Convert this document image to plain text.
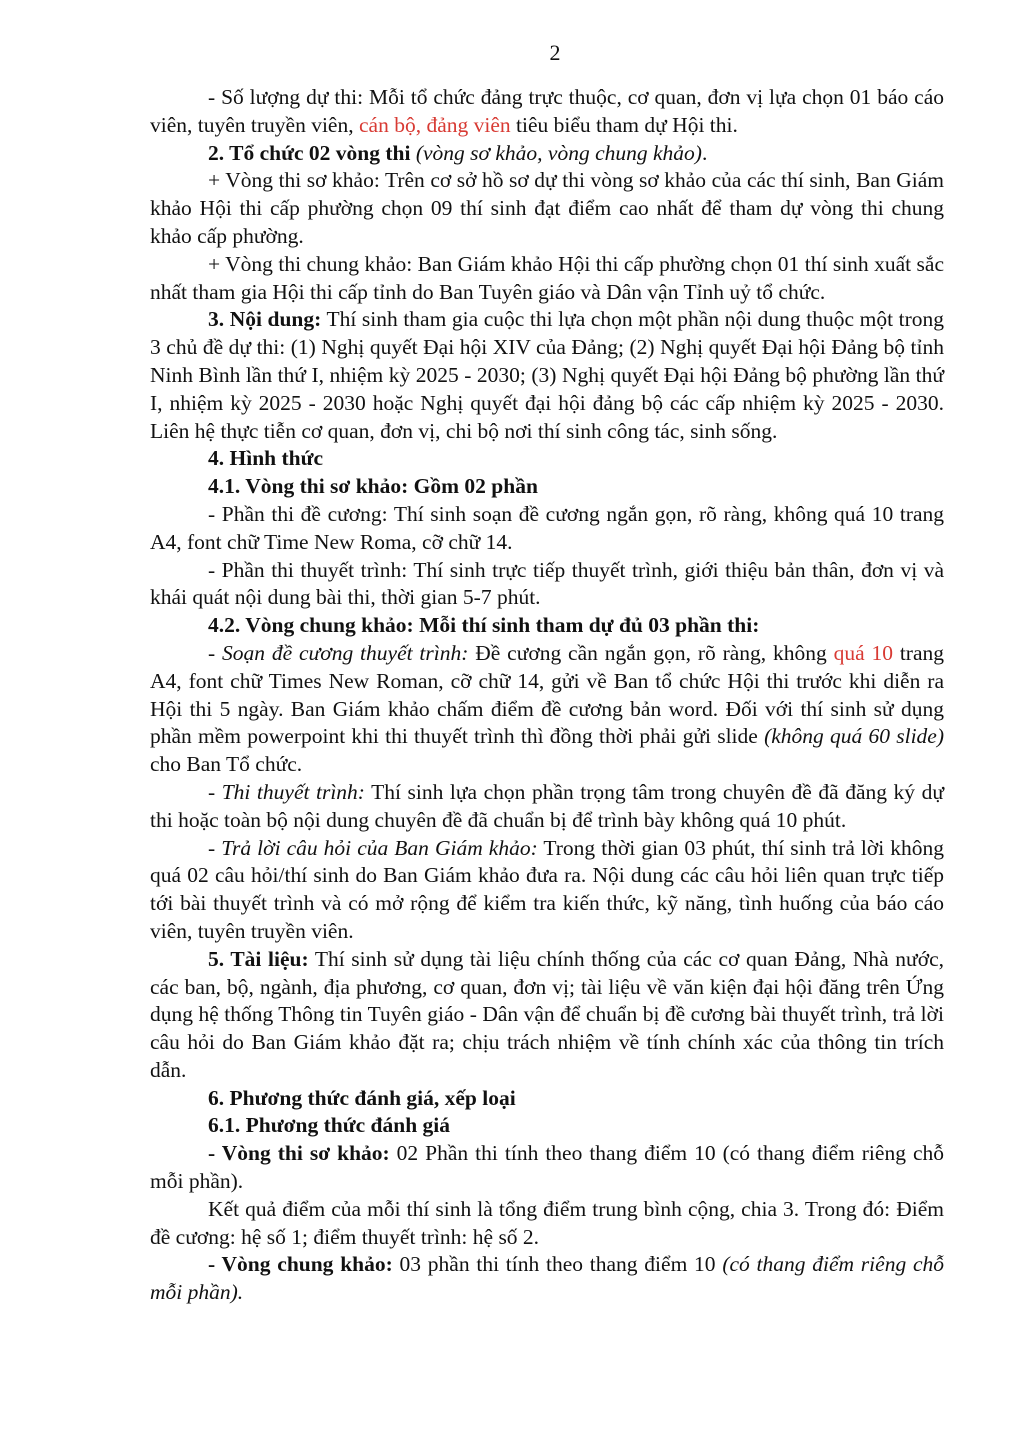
2

- Số lượng dự thi: Mỗi tổ chức đảng trực thuộc, cơ quan, đơn vị lựa chọn 01 báo cáo viên, tuyên truyền viên, cán bộ, đảng viên tiêu biểu tham dự Hội thi.

2. Tổ chức 02 vòng thi (vòng sơ khảo, vòng chung khảo).

+ Vòng thi sơ khảo: Trên cơ sở hồ sơ dự thi vòng sơ khảo của các thí sinh, Ban Giám khảo Hội thi cấp phường chọn 09 thí sinh đạt điểm cao nhất để tham dự vòng thi chung khảo cấp phường.

+ Vòng thi chung khảo: Ban Giám khảo Hội thi cấp phường chọn 01 thí sinh xuất sắc nhất tham gia Hội thi cấp tỉnh do Ban Tuyên giáo và Dân vận Tỉnh uỷ tổ chức.

3. Nội dung: Thí sinh tham gia cuộc thi lựa chọn một phần nội dung thuộc một trong 3 chủ đề dự thi: (1) Nghị quyết Đại hội XIV của Đảng; (2) Nghị quyết Đại hội Đảng bộ tỉnh Ninh Bình lần thứ I, nhiệm kỳ 2025 - 2030; (3) Nghị quyết Đại hội Đảng bộ phường lần thứ I, nhiệm kỳ 2025 - 2030 hoặc Nghị quyết đại hội đảng bộ các cấp nhiệm kỳ 2025 - 2030. Liên hệ thực tiễn cơ quan, đơn vị, chi bộ nơi thí sinh công tác, sinh sống.

4. Hình thức

4.1. Vòng thi sơ khảo: Gồm 02 phần

- Phần thi đề cương: Thí sinh soạn đề cương ngắn gọn, rõ ràng, không quá 10 trang A4, font chữ Time New Roma, cỡ chữ 14.

- Phần thi thuyết trình: Thí sinh trực tiếp thuyết trình, giới thiệu bản thân, đơn vị và khái quát nội dung bài thi, thời gian 5-7 phút.

4.2. Vòng chung khảo: Mỗi thí sinh tham dự đủ 03 phần thi:

- Soạn đề cương thuyết trình: Đề cương cần ngắn gọn, rõ ràng, không quá 10 trang A4, font chữ Times New Roman, cỡ chữ 14, gửi về Ban tổ chức Hội thi trước khi diễn ra Hội thi 5 ngày. Ban Giám khảo chấm điểm đề cương bản word. Đối với thí sinh sử dụng phần mềm powerpoint khi thi thuyết trình thì đồng thời phải gửi slide (không quá 60 slide) cho Ban Tổ chức.

- Thi thuyết trình: Thí sinh lựa chọn phần trọng tâm trong chuyên đề đã đăng ký dự thi hoặc toàn bộ nội dung chuyên đề đã chuẩn bị để trình bày không quá 10 phút.

- Trả lời câu hỏi của Ban Giám khảo: Trong thời gian 03 phút, thí sinh trả lời không quá 02 câu hỏi/thí sinh do Ban Giám khảo đưa ra. Nội dung các câu hỏi liên quan trực tiếp tới bài thuyết trình và có mở rộng để kiểm tra kiến thức, kỹ năng, tình huống của báo cáo viên, tuyên truyền viên.

5. Tài liệu: Thí sinh sử dụng tài liệu chính thống của các cơ quan Đảng, Nhà nước, các ban, bộ, ngành, địa phương, cơ quan, đơn vị; tài liệu về văn kiện đại hội đăng trên Ứng dụng hệ thống Thông tin Tuyên giáo - Dân vận để chuẩn bị đề cương bài thuyết trình, trả lời câu hỏi do Ban Giám khảo đặt ra; chịu trách nhiệm về tính chính xác của thông tin trích dẫn.

6. Phương thức đánh giá, xếp loại

6.1. Phương thức đánh giá

- Vòng thi sơ khảo: 02 Phần thi tính theo thang điểm 10 (có thang điểm riêng chỗ mỗi phần).

Kết quả điểm của mỗi thí sinh là tổng điểm trung bình cộng, chia 3. Trong đó: Điểm đề cương: hệ số 1; điểm thuyết trình: hệ số 2.

- Vòng chung khảo: 03 phần thi tính theo thang điểm 10 (có thang điểm riêng chỗ mỗi phần).
